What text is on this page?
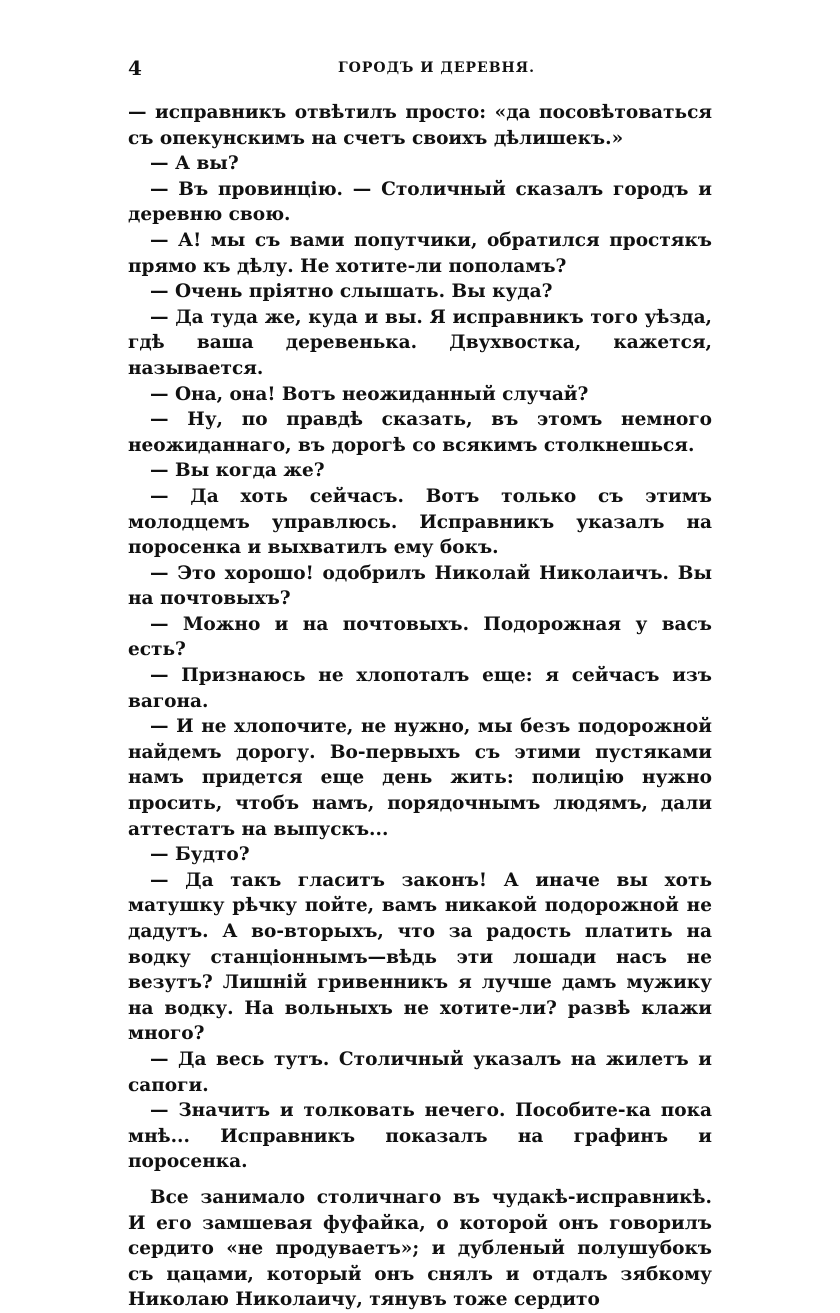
4	ГОРОДЪ И ДЕРЕВНЯ.

— исправникъ отвѣтилъ просто: «да посовѣтоваться съ опекунскимъ на счетъ своихъ дѣлишекъ.»

— А вы?

— Въ провинцію. — Столичный сказалъ городъ и деревню свою.

— А! мы съ вами попутчики, обратился простякъ прямо къ дѣлу. Не хотите-ли пополамъ?

— Очень пріятно слышать. Вы куда?

— Да туда же, куда и вы. Я исправникъ того уѣзда, гдѣ ваша деревенька. Двухвостка, кажется, называется.

— Она, она! Вотъ неожиданный случай?

— Ну, по правдѣ сказать, въ этомъ немного неожиданнаго, въ дорогѣ со всякимъ столкнешься.

— Вы когда же?

— Да хоть сейчасъ. Вотъ только съ этимъ молодцемъ управлюсь. Исправникъ указалъ на поросенка и выхватилъ ему бокъ.

— Это хорошо! одобрилъ Николай Николаичъ. Вы на почтовыхъ?

— Можно и на почтовыхъ. Подорожная у васъ есть?

— Признаюсь не хлопоталъ еще: я сейчасъ изъ вагона.

— И не хлопочите, не нужно, мы безъ подорожной найдемъ дорогу. Во-первыхъ съ этими пустяками намъ придется еще день жить: полицію нужно просить, чтобъ намъ, порядочнымъ людямъ, дали аттестатъ на выпускъ...

— Будто?

— Да такъ гласитъ законъ! А иначе вы хоть матушку рѣчку пойте, вамъ никакой подорожной не дадутъ. А во-вторыхъ, что за радость платить на водку станціоннымъ—вѣдь эти лошади насъ не везутъ? Лишній гривенникъ я лучше дамъ мужику на водку. На вольныхъ не хотите-ли? развѣ клажи много?

— Да весь тутъ. Столичный указалъ на жилетъ и сапоги.

— Значитъ и толковать нечего. Пособите-ка пока мнѣ... Исправникъ показалъ на графинъ и поросенка.

Все занимало столичнаго въ чудакѣ-исправникѣ. И его замшевая фуфайка, о которой онъ говорилъ сердито «не продуваетъ»; и дубленый полушубокъ съ цацами, который онъ снялъ и отдалъ зябкому Николаю Николаичу, тянувъ тоже сердито
